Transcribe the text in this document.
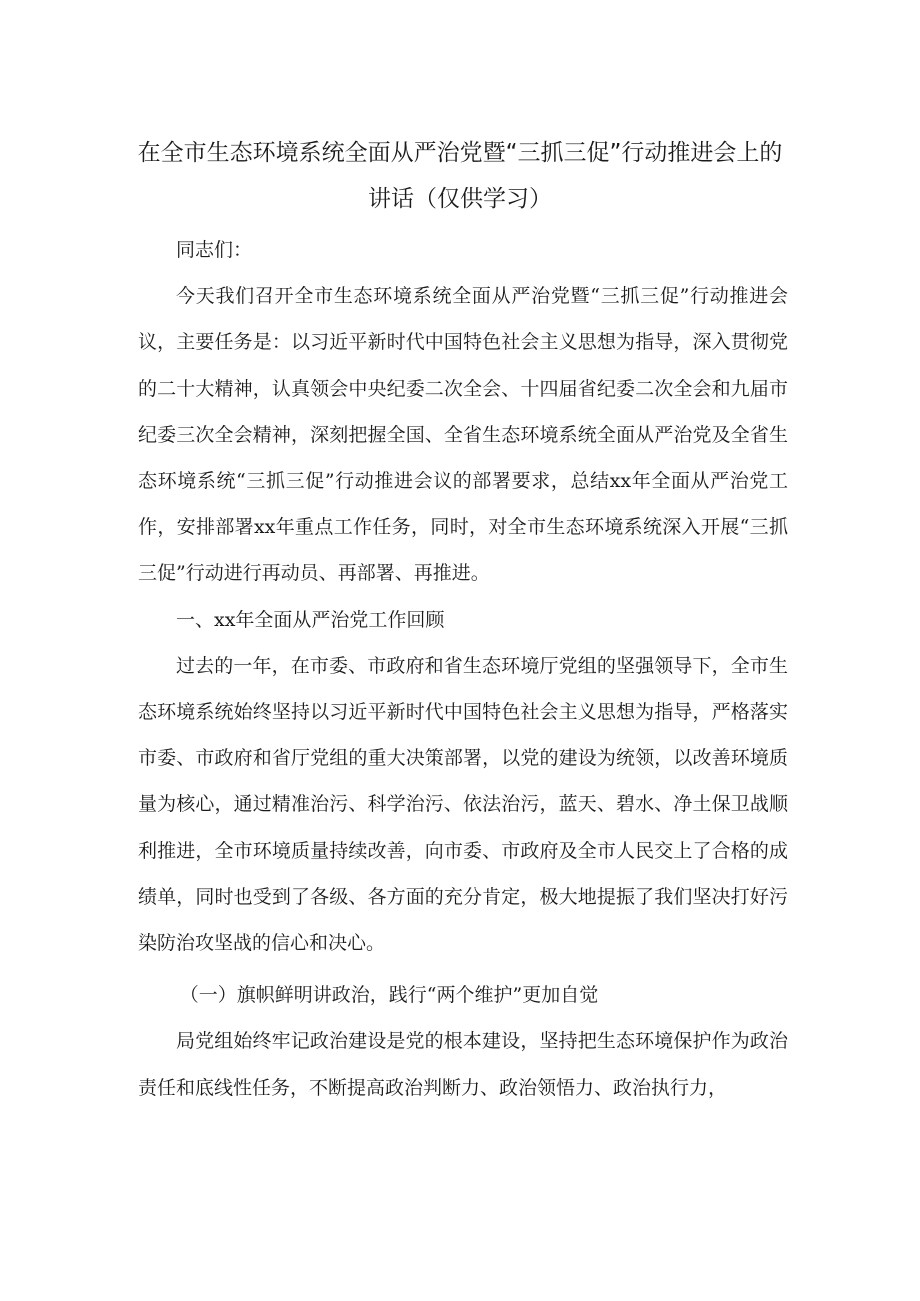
在全市生态环境系统全面从严治党暨“三抓三促”行动推进会上的讲话（仅供学习）

同志们：

今天我们召开全市生态环境系统全面从严治党暨“三抓三促”行动推进会议，主要任务是：以习近平新时代中国特色社会主义思想为指导，深入贯彻党的二十大精神，认真领会中央纪委二次全会、十四届省纪委二次全会和九届市纪委三次全会精神，深刻把握全国、全省生态环境系统全面从严治党及全省生态环境系统“三抓三促”行动推进会议的部署要求，总结xx年全面从严治党工作，安排部署xx年重点工作任务，同时，对全市生态环境系统深入开展“三抓三促”行动进行再动员、再部署、再推进。

一、xx年全面从严治党工作回顾

过去的一年，在市委、市政府和省生态环境厅党组的坚强领导下，全市生态环境系统始终坚持以习近平新时代中国特色社会主义思想为指导，严格落实市委、市政府和省厅党组的重大决策部署，以党的建设为统领，以改善环境质量为核心，通过精准治污、科学治污、依法治污，蓝天、碧水、净土保卫战顺利推进，全市环境质量持续改善，向市委、市政府及全市人民交上了合格的成绩单，同时也受到了各级、各方面的充分肯定，极大地提振了我们坚决打好污染防治攻坚战的信心和决心。

（一）旗帜鲜明讲政治，践行“两个维护”更加自觉

局党组始终牢记政治建设是党的根本建设，坚持把生态环境保护作为政治责任和底线性任务，不断提高政治判断力、政治领悟力、政治执行力，
